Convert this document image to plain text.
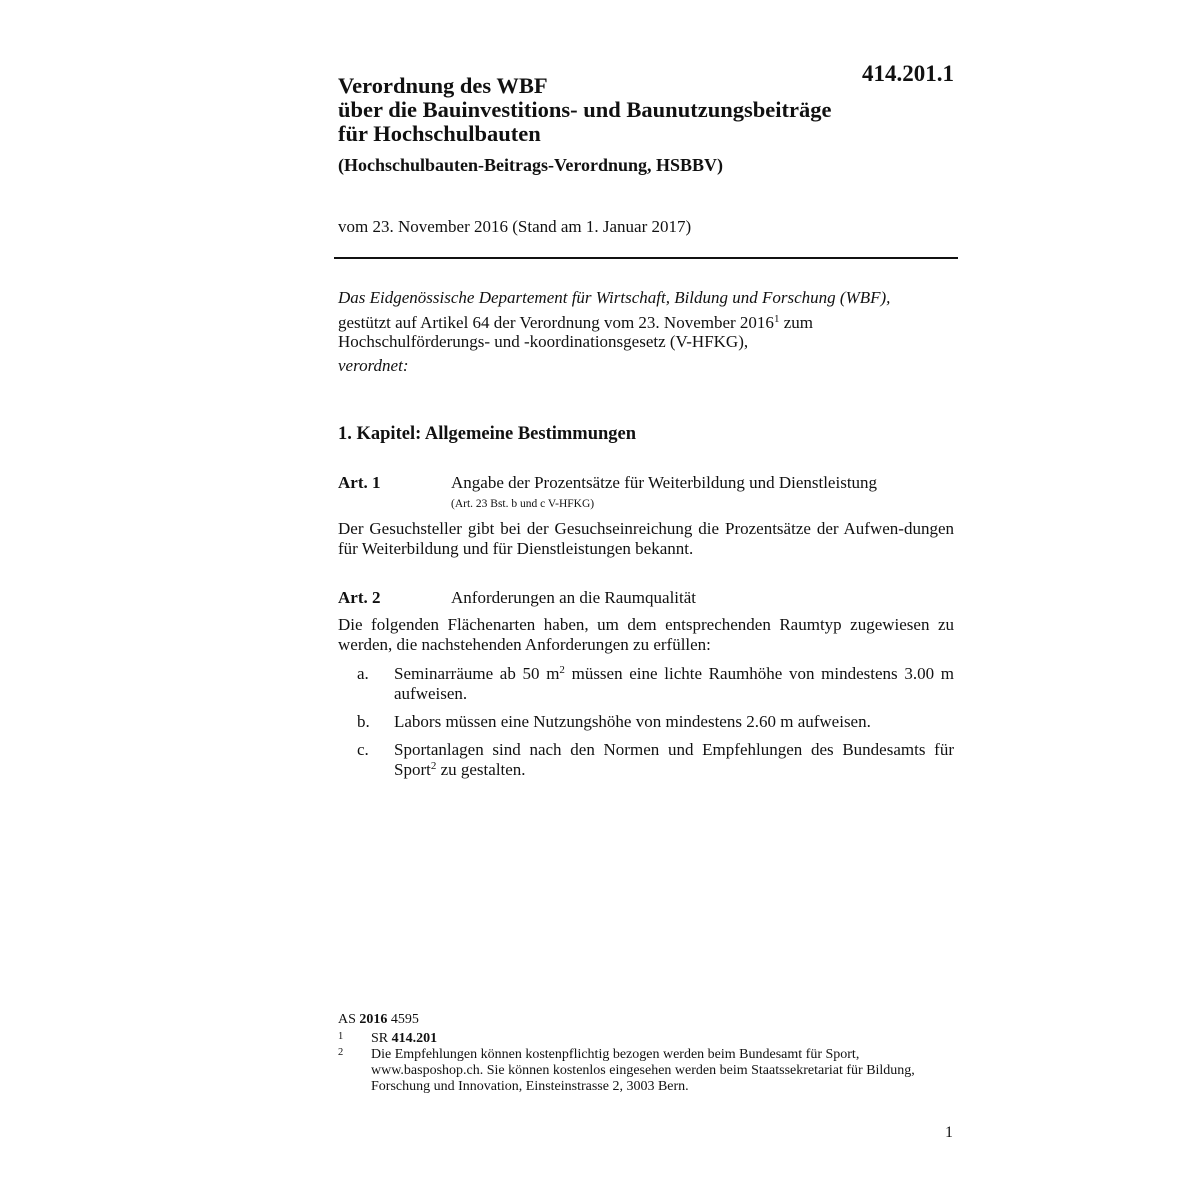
414.201.1
Verordnung des WBF
über die Bauinvestitions- und Baunutzungsbeiträge
für Hochschulbauten
(Hochschulbauten-Beitrags-Verordnung, HSBBV)
vom 23. November 2016 (Stand am 1. Januar 2017)
Das Eidgenössische Departement für Wirtschaft, Bildung und Forschung (WBF),
gestützt auf Artikel 64 der Verordnung vom 23. November 2016$^1$ zum Hochschulförderungs- und -koordinationsgesetz (V-HFKG),
verordnet:
1. Kapitel: Allgemeine Bestimmungen
Art. 1	Angabe der Prozentsätze für Weiterbildung und Dienstleistung
(Art. 23 Bst. b und c V-HFKG)
Der Gesuchsteller gibt bei der Gesuchseinreichung die Prozentsätze der Aufwen-dungen für Weiterbildung und für Dienstleistungen bekannt.
Art. 2	Anforderungen an die Raumqualität
Die folgenden Flächenarten haben, um dem entsprechenden Raumtyp zugewiesen zu werden, die nachstehenden Anforderungen zu erfüllen:
a. Seminarräume ab 50 $m^2$ müssen eine lichte Raumhöhe von mindestens 3.00 m aufweisen.
b. Labors müssen eine Nutzungshöhe von mindestens 2.60 m aufweisen.
c. Sportanlagen sind nach den Normen und Empfehlungen des Bundesamts für Sport$^2$ zu gestalten.
AS 2016 4595
1 SR 414.201
2 Die Empfehlungen können kostenpflichtig bezogen werden beim Bundesamt für Sport, www.basposhop.ch. Sie können kostenlos eingesehen werden beim Staatssekretariat für Bildung, Forschung und Innovation, Einsteinstrasse 2, 3003 Bern.
1
